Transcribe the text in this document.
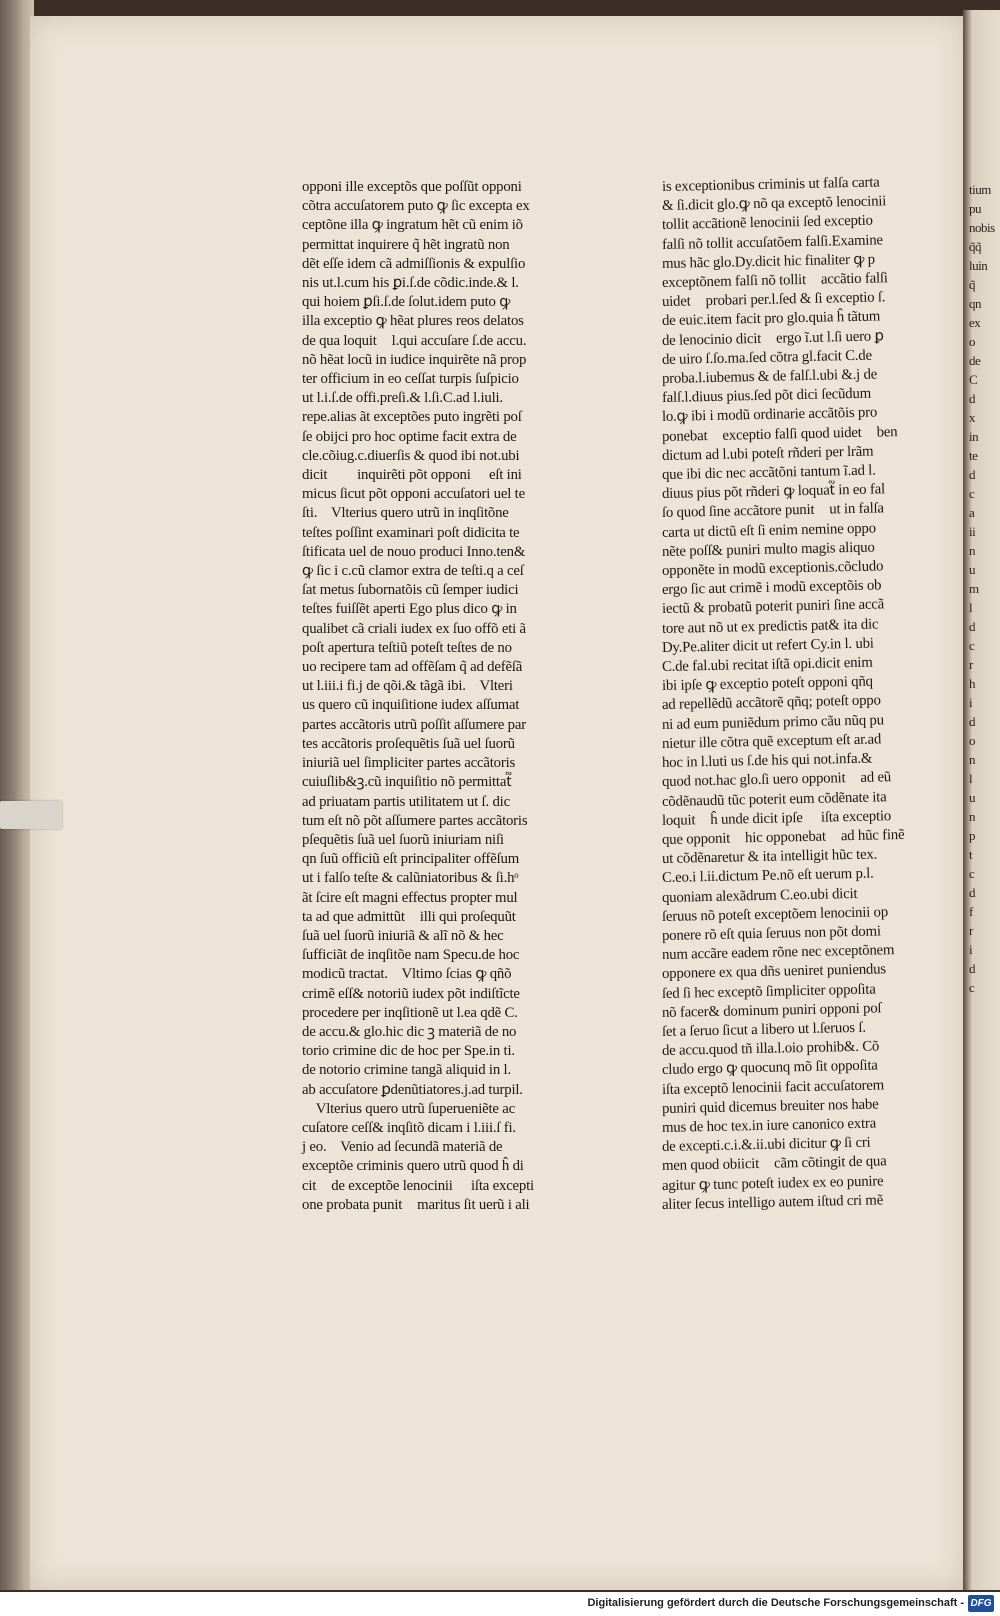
tium
pu
nobis
q̃q̃
luin
q̃
qn
ex
o
de
C
d
x
in
te
d
c
a
ii
n
u
m
l
d
c
r
h
i
d
o
n
l
u
n
p
t
c
d
f
r
i
d
c
opponi ille exceptõs que poſſũt opponi
cõtra accuſatorem puto ꝙ ſic excepta ex
ceptõne illa ꝙ ingratum hẽt cũ enim iõ
permittat inquirere q̃ hẽt ingratũ non
dẽt eſſe idem cã admiſſionis & expulſio
nis ut.l.cum his ꝑi.ſ.de cõdic.inde.& l.
qui hoiem ꝑſi.ſ.de ſolut.idem puto ꝙ
illa exceptio ꝙ hẽat plures reos delatos
de qua loquit᷑ l.qui accuſare ſ.de accu.
nõ hẽat locũ in iudice inquirẽte nã prop
ter officium in eo ceſſat turpis ſuſpicio
ut l.i.ſ.de offi.preſi.& l.ſi.C.ad l.iuli.
repe.alias ãt exceptões puto ingrẽti poſ
ſe obijci pro hoc optime facit extra de
cle.cõiug.c.diuerſis & quod ibi not.ubi
dicit᷑ ꝙ inquirẽti põt opponi ꝙ eſt ini
micus ſicut põt opponi accuſatori uel te
ſti.    Vlterius quero utrũ in inqſitõne
teſtes poſſint examinari poſt didicita te
ſtificata uel de nouo produci Inno.ten&
ꝙ ſic i c.cũ clamor extra de teſti.q a ceſ
ſat metus ſubornatõis cũ ſemper iudici
teſtes fuiſſẽt aperti Ego plus dico ꝙ in
qualibet cã criali iudex ex ſuo offõ eti ã
poſt apertura teſtiũ poteſt teſtes de no
uo recipere tam ad offẽſam q̃ ad defẽſã
ut l.iii.i fi.j de qõi.& tãgã ibi.    Vlteri
us quero cũ inquiſitione iudex aſſumat
partes accãtoris utrũ poſſit aſſumere par
tes accãtoris proſequẽtis ſuã uel ſuorũ
iniuriã uel ſimpliciter partes accãtoris
cuiuſlib&ꝫ.cũ inquiſitio nõ permittat᷑
ad priuatam partis utilitatem ut ſ. dic
tum eſt nõ põt aſſumere partes accãtoris
pſequẽtis ſuã uel ſuorũ iniuriam niſi
qn ſuũ officiũ eſt principaliter offẽſum
ut i falſo teſte & calũniatoribus & ſi.hᵒ
ãt ſcire eſt magni effectus propter mul
ta ad que admittũt᷑ illi qui proſequũt᷑
ſuã uel ſuorũ iniuriã & alĩ nõ & hec
ſufficiãt de inqſitõe nam Specu.de hoc
modicũ tractat.    Vltimo ſcias ꝙ qñõ
crimẽ eſſ& notoriũ iudex põt indiſtĩcte
procedere per inqſitionẽ ut l.ea qdẽ C.
de accu.& glo.hic dic ꝫ materiã de no
torio crimine dic de hoc per Spe.in ti.
de notorio crimine tangã aliquid in l.
ab accuſatore ꝑdenũtiatores.j.ad turpil.
Vlterius quero utrũ ſuperueniẽte ac
cuſatore ceſſ& inqſitõ dicam i l.iii.ſ fi.
j eo.    Venio ad ſecundã materiã de
exceptõe criminis quero utrũ quod ĥ di
cit᷑ de exceptõe lenocinii ꝙ iſta excepti
one probata punit᷑ maritus ſit uerũ i ali
is exceptionibus criminis ut falſa carta
& ſi.dicit glo.ꝙ nõ qa exceptõ lenocinii
tollit accãtionẽ lenocinii ſed exceptio
falſi nõ tollit accuſatõem falſi.Examine
mus hãc glo.Dy.dicit hic finaliter ꝙ p
exceptõnem falſi nõ tollit᷑ accãtio falſi
uidet᷑ probari per.l.ſed & ſi exceptio ſ.
de euic.item facit pro glo.quia ĥ tãtum
de lenocinio dicit᷑ ergo ĩ.ut l.ſi uero ꝑ
de uiro ſ.ſo.ma.ſed cõtra gl.facit C.de
proba.l.iubemus & de falſ.l.ubi &.j de
falſ.l.diuus pius.ſed põt dici ſecũdum
lo.ꝙ ibi i modũ ordinarie accãtõis pro
ponebat᷑ exceptio falſi quod uidet᷑ ben
dictum ad l.ubi poteſt rñderi per lrãm
que ibi dic nec accãtõni tantum ĩ.ad l.
diuus pius põt rñderi ꝙ loquat᷑ in eo fal
ſo quod ſine accãtore punit᷑ ut in falſa
carta ut dictũ eſt ſi enim nemine oppo
nẽte poſſ& puniri multo magis aliquo
opponẽte in modũ exceptionis.cõcludo
ergo ſic aut crimẽ i modũ exceptõis ob
iectũ & probatũ poterit puniri ſine accã
tore aut nõ ut ex predictis pat& ita dic
Dy.Pe.aliter dicit ut refert Cy.in l. ubi
C.de fal.ubi recitat iſtã opi.dicit enim
ibi ipſe ꝙ exceptio poteſt opponi qñq
ad repellẽdũ accãtorẽ qñq; poteſt oppo
ni ad eum puniẽdum primo cãu nũq pu
nietur ille cõtra quẽ exceptum eſt ar.ad
hoc in l.luti us ſ.de his qui not.infa.&
quod not.hac glo.ſi uero opponit᷑ ad eũ
cõdẽnaudũ tũc poterit eum cõdẽnate ita
loquit᷑ ĥ unde dicit ipſe ꝙ iſta exceptio
que opponit᷑ hic opponebat᷑ ad hũc finẽ
ut cõdẽnaretur & ita intelligit hũc tex.
C.eo.i l.ii.dictum Pe.nõ eſt uerum p.l.
quoniam alexãdrum C.eo.ubi dicit᷑ ꝙ
ſeruus nõ poteſt exceptõem lenocinii op
ponere rõ eſt quia ſeruus non põt domi
num accãre eadem rõne nec exceptõnem
opponere ex qua dñs ueniret puniendus
ſed ſi hec exceptõ ſimpliciter oppoſita
nõ facer& dominum puniri opponi poſ
ſet a ſeruo ſicut a libero ut l.ſeruos ſ.
de accu.quod tñ illa.l.oio prohib&. Cõ
cludo ergo ꝙ quocunq mõ ſit oppoſita
iſta exceptõ lenocinii facit accuſatorem
puniri quid dicemus breuiter nos habe
mus de hoc tex.in iure canonico extra
de excepti.c.i.&.ii.ubi dicitur ꝙ ſi cri
men quod obiicit᷑ cãm cõtingit de qua
agitur ꝙ tunc poteſt iudex ex eo punire
aliter ſecus intelligo autem iſtud cri mẽ
Digitalisierung gefördert durch die Deutsche Forschungsgemeinschaft - DFG
